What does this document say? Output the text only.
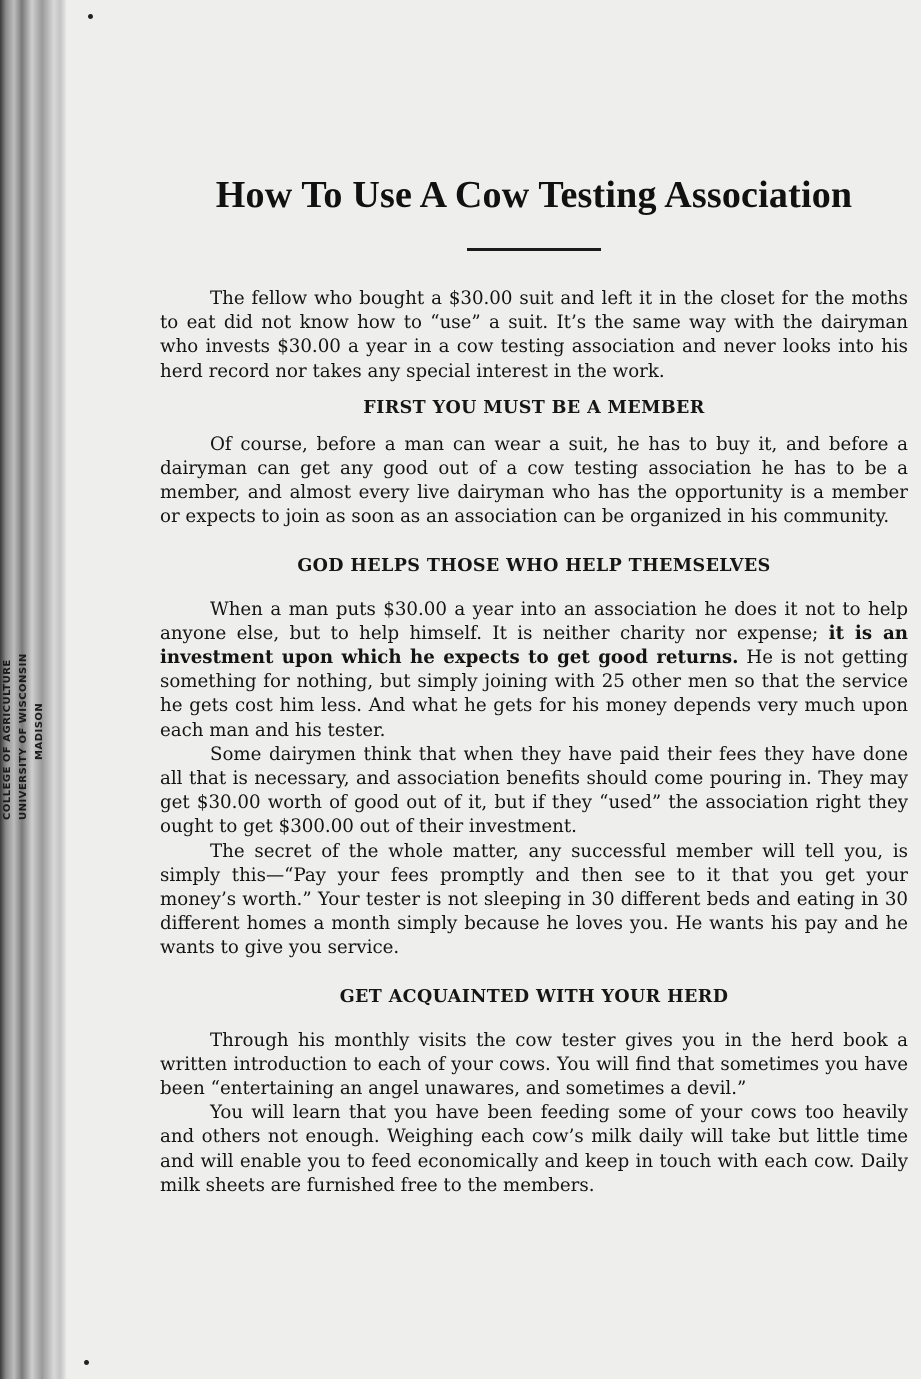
COLLEGE OF AGRICULTURE UNIVERSITY OF WISCONSIN MADISON
How To Use A Cow Testing Association

The fellow who bought a $30.00 suit and left it in the closet for the moths to eat did not know how to “use” a suit. It’s the same way with the dairyman who invests $30.00 a year in a cow testing association and never looks into his herd record nor takes any special interest in the work.

FIRST YOU MUST BE A MEMBER

Of course, before a man can wear a suit, he has to buy it, and before a dairyman can get any good out of a cow testing association he has to be a member, and almost every live dairyman who has the opportunity is a member or expects to join as soon as an association can be organized in his community.

GOD HELPS THOSE WHO HELP THEMSELVES

When a man puts $30.00 a year into an association he does it not to help anyone else, but to help himself. It is neither charity nor expense; it is an investment upon which he expects to get good returns. He is not getting something for nothing, but simply joining with 25 other men so that the service he gets cost him less. And what he gets for his money depends very much upon each man and his tester.

Some dairymen think that when they have paid their fees they have done all that is necessary, and association benefits should come pouring in. They may get $30.00 worth of good out of it, but if they “used” the association right they ought to get $300.00 out of their investment.

The secret of the whole matter, any successful member will tell you, is simply this—“Pay your fees promptly and then see to it that you get your money’s worth.” Your tester is not sleeping in 30 different beds and eating in 30 different homes a month simply because he loves you. He wants his pay and he wants to give you service.

GET ACQUAINTED WITH YOUR HERD

Through his monthly visits the cow tester gives you in the herd book a written introduction to each of your cows. You will find that sometimes you have been “entertaining an angel unawares, and sometimes a devil.”

You will learn that you have been feeding some of your cows too heavily and others not enough. Weighing each cow’s milk daily will take but little time and will enable you to feed economically and keep in touch with each cow. Daily milk sheets are furnished free to the members.
